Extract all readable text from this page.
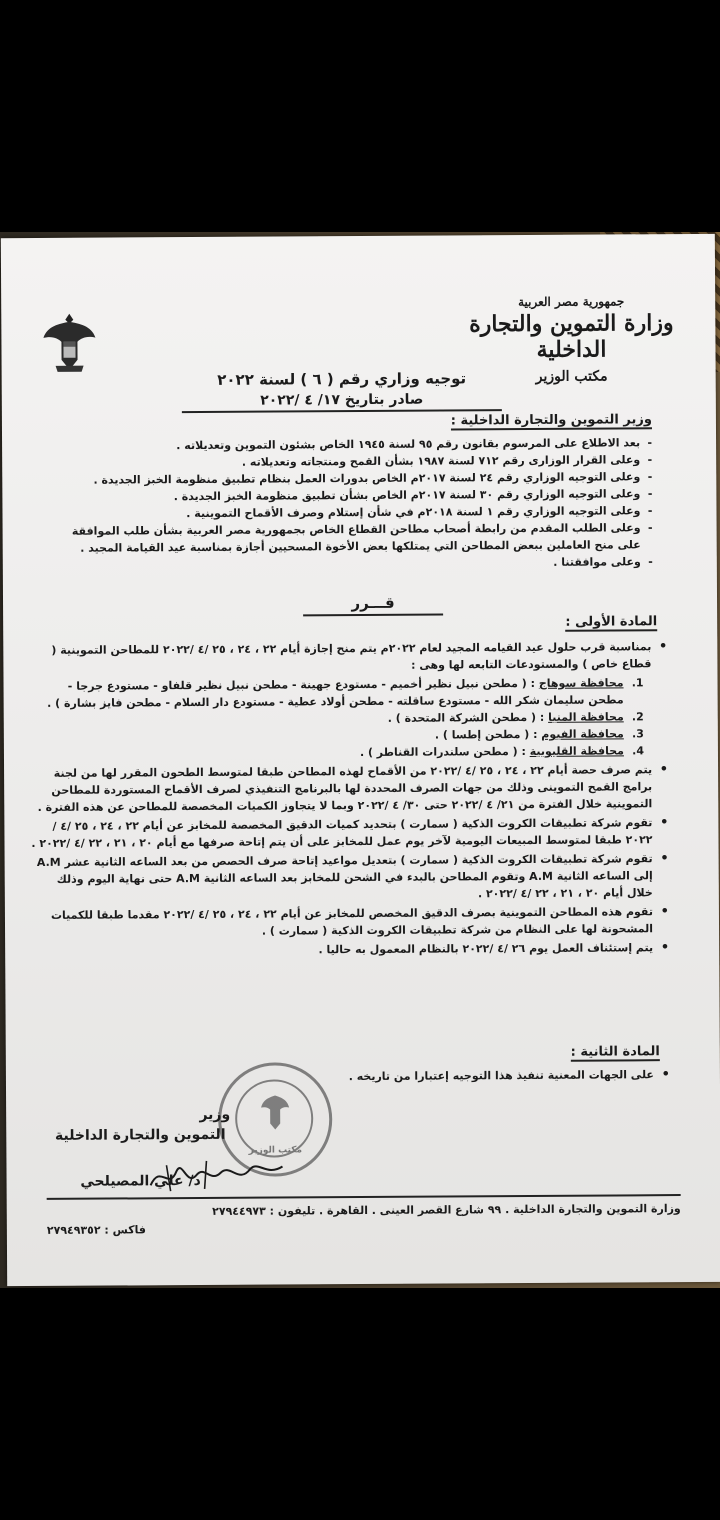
جمهورية مصر العربية
وزارة التموين والتجارة الداخلية
مكتب الوزير
توجيه وزاري رقم ( ٦ ) لسنة ٢٠٢٢
صادر بتاريخ ١٧/ ٤ /٢٠٢٢
وزير التموين والتجارة الداخلية :
- بعد الاطلاع على المرسوم بقانون رقم ٩٥ لسنة ١٩٤٥ الخاص بشئون التموين وتعديلاته .
- وعلى القرار الوزارى رقم ٧١٢ لسنة ١٩٨٧ بشأن القمح ومنتجاته وتعديلاته .
- وعلى التوجيه الوزاري رقم ٢٤ لسنة ٢٠١٧م الخاص بدورات العمل بنظام تطبيق منظومة الخبز الجديدة .
- وعلى التوجيه الوزاري رقم ٣٠ لسنة ٢٠١٧م الخاص بشأن تطبيق منظومة الخبز الجديدة .
- وعلى التوجيه الوزاري رقم ١ لسنة ٢٠١٨م في شأن إستلام وصرف الأقماح التموينية .
- وعلى الطلب المقدم من رابطة أصحاب مطاحن القطاع الخاص بجمهورية مصر العربية بشأن طلب الموافقة على منح العاملين ببعض المطاحن التي يمتلكها بعض الأخوة المسحيين أجازة بمناسبة عيد القيامة المجيد .
- وعلى موافقتنا .
قـــرر
المادة الأولى :

• بمناسبة قرب حلول عيد القيامه المجيد لعام ٢٠٢٢م يتم منح إجازة أيام ٢٢ ، ٢٤ ، ٢٥ /٤ /٢٠٢٢ للمطاحن التموينية ( قطاع خاص ) والمستودعات التابعه لها وهى :

1.
محافظة سوهاج : ( مطحن نبيل نظير أخميم - مستودع جهينة - مطحن نبيل نظير قلفاو - مستودع جرجا - مطحن سليمان شكر الله - مستودع ساقلته - مطحن أولاد عطية - مستودع دار السلام - مطحن فايز بشارة ) .
2.
محافظة المنيا : ( مطحن الشركة المتحدة ) .
3.
محافظة الفيوم : ( مطحن إطسا ) .
4.
محافظة القليوبية : ( مطحن سلندرات القناطر ) .

• يتم صرف حصة أيام ٢٢ ، ٢٤ ، ٢٥ /٤ /٢٠٢٢ من الأقماح لهذه المطاحن طبقا لمتوسط الطحون المقرر لها من لجنة برامج القمح التموينى وذلك من جهات الصرف المحددة لها بالبرنامج التنفيذي لصرف الأقماح المستوردة للمطاحن التموينية خلال الفترة من ٢١/ ٤ /٢٠٢٢ حتى ٣٠/ ٤ /٢٠٢٢ وبما لا يتجاوز الكميات المخصصة للمطاحن عن هذه الفترة .

• تقوم شركة تطبيقات الكروت الذكية ( سمارت ) بتحديد كميات الدقيق المخصصة للمخابز عن أيام ٢٢ ، ٢٤ ، ٢٥ /٤ /٢٠٢٢ طبقا لمتوسط المبيعات اليومية لآخر يوم عمل للمخابز على أن يتم إتاحة صرفها مع أيام ٢٠ ، ٢١ ، ٢٢ /٤ /٢٠٢٢ .

• تقوم شركة تطبيقات الكروت الذكية ( سمارت ) بتعديل مواعيد إتاحة صرف الحصص من بعد الساعه الثانية عشر A.M إلى الساعه الثانية A.M وتقوم المطاحن بالبدء في الشحن للمخابز بعد الساعه الثانية A.M حتى نهاية اليوم وذلك خلال أيام ٢٠ ، ٢١ ، ٢٢ /٤ /٢٠٢٢ .

• تقوم هذه المطاحن التموينية بصرف الدقيق المخصص للمخابز عن أيام ٢٢ ، ٢٤ ، ٢٥ /٤ /٢٠٢٢ مقدما طبقا للكميات المشحونة لها على النظام من شركة تطبيقات الكروت الذكية ( سمارت ) .

• يتم إستئناف العمل يوم ٢٦ /٤ /٢٠٢٢ بالنظام المعمول به حاليا .

المادة الثانية :

• على الجهات المعنية تنفيذ هذا التوجيه إعتبارا من تاريخه .

مكتب الوزير
وزير
التموين والتجارة الداخلية
د/ علي المصيلحي
وزارة التموين والتجارة الداخلية . ٩٩ شارع القصر العينى . القاهرة . تليفون : ٢٧٩٤٤٩٧٣
فاكس : ٢٧٩٤٩٣٥٢
